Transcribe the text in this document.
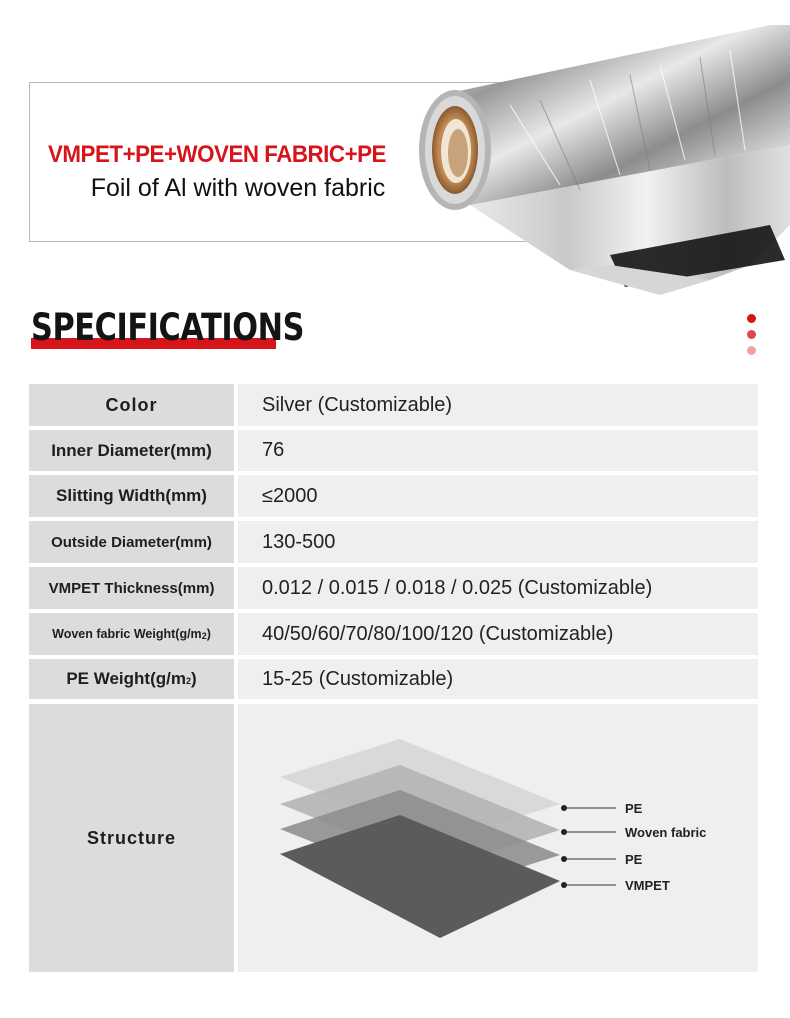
VMPET+PE+WOVEN FABRIC+PE
Foil of Al with woven fabric
SPECIFICATIONS
Color	Silver (Customizable)
Inner Diameter(mm)	76
Slitting Width(mm)	≤2000
Outside Diameter(mm)	130-500
VMPET Thickness(mm)	0.012 / 0.015 / 0.018 / 0.025 (Customizable)
Woven fabric $Weight(g/m^2$ )	40/50/60/70/80/100/120 (Customizable)
PE $Weight(g/m^2$ )	15-25 (Customizable)
Structure
PE
Woven fabric
PE
VMPET
